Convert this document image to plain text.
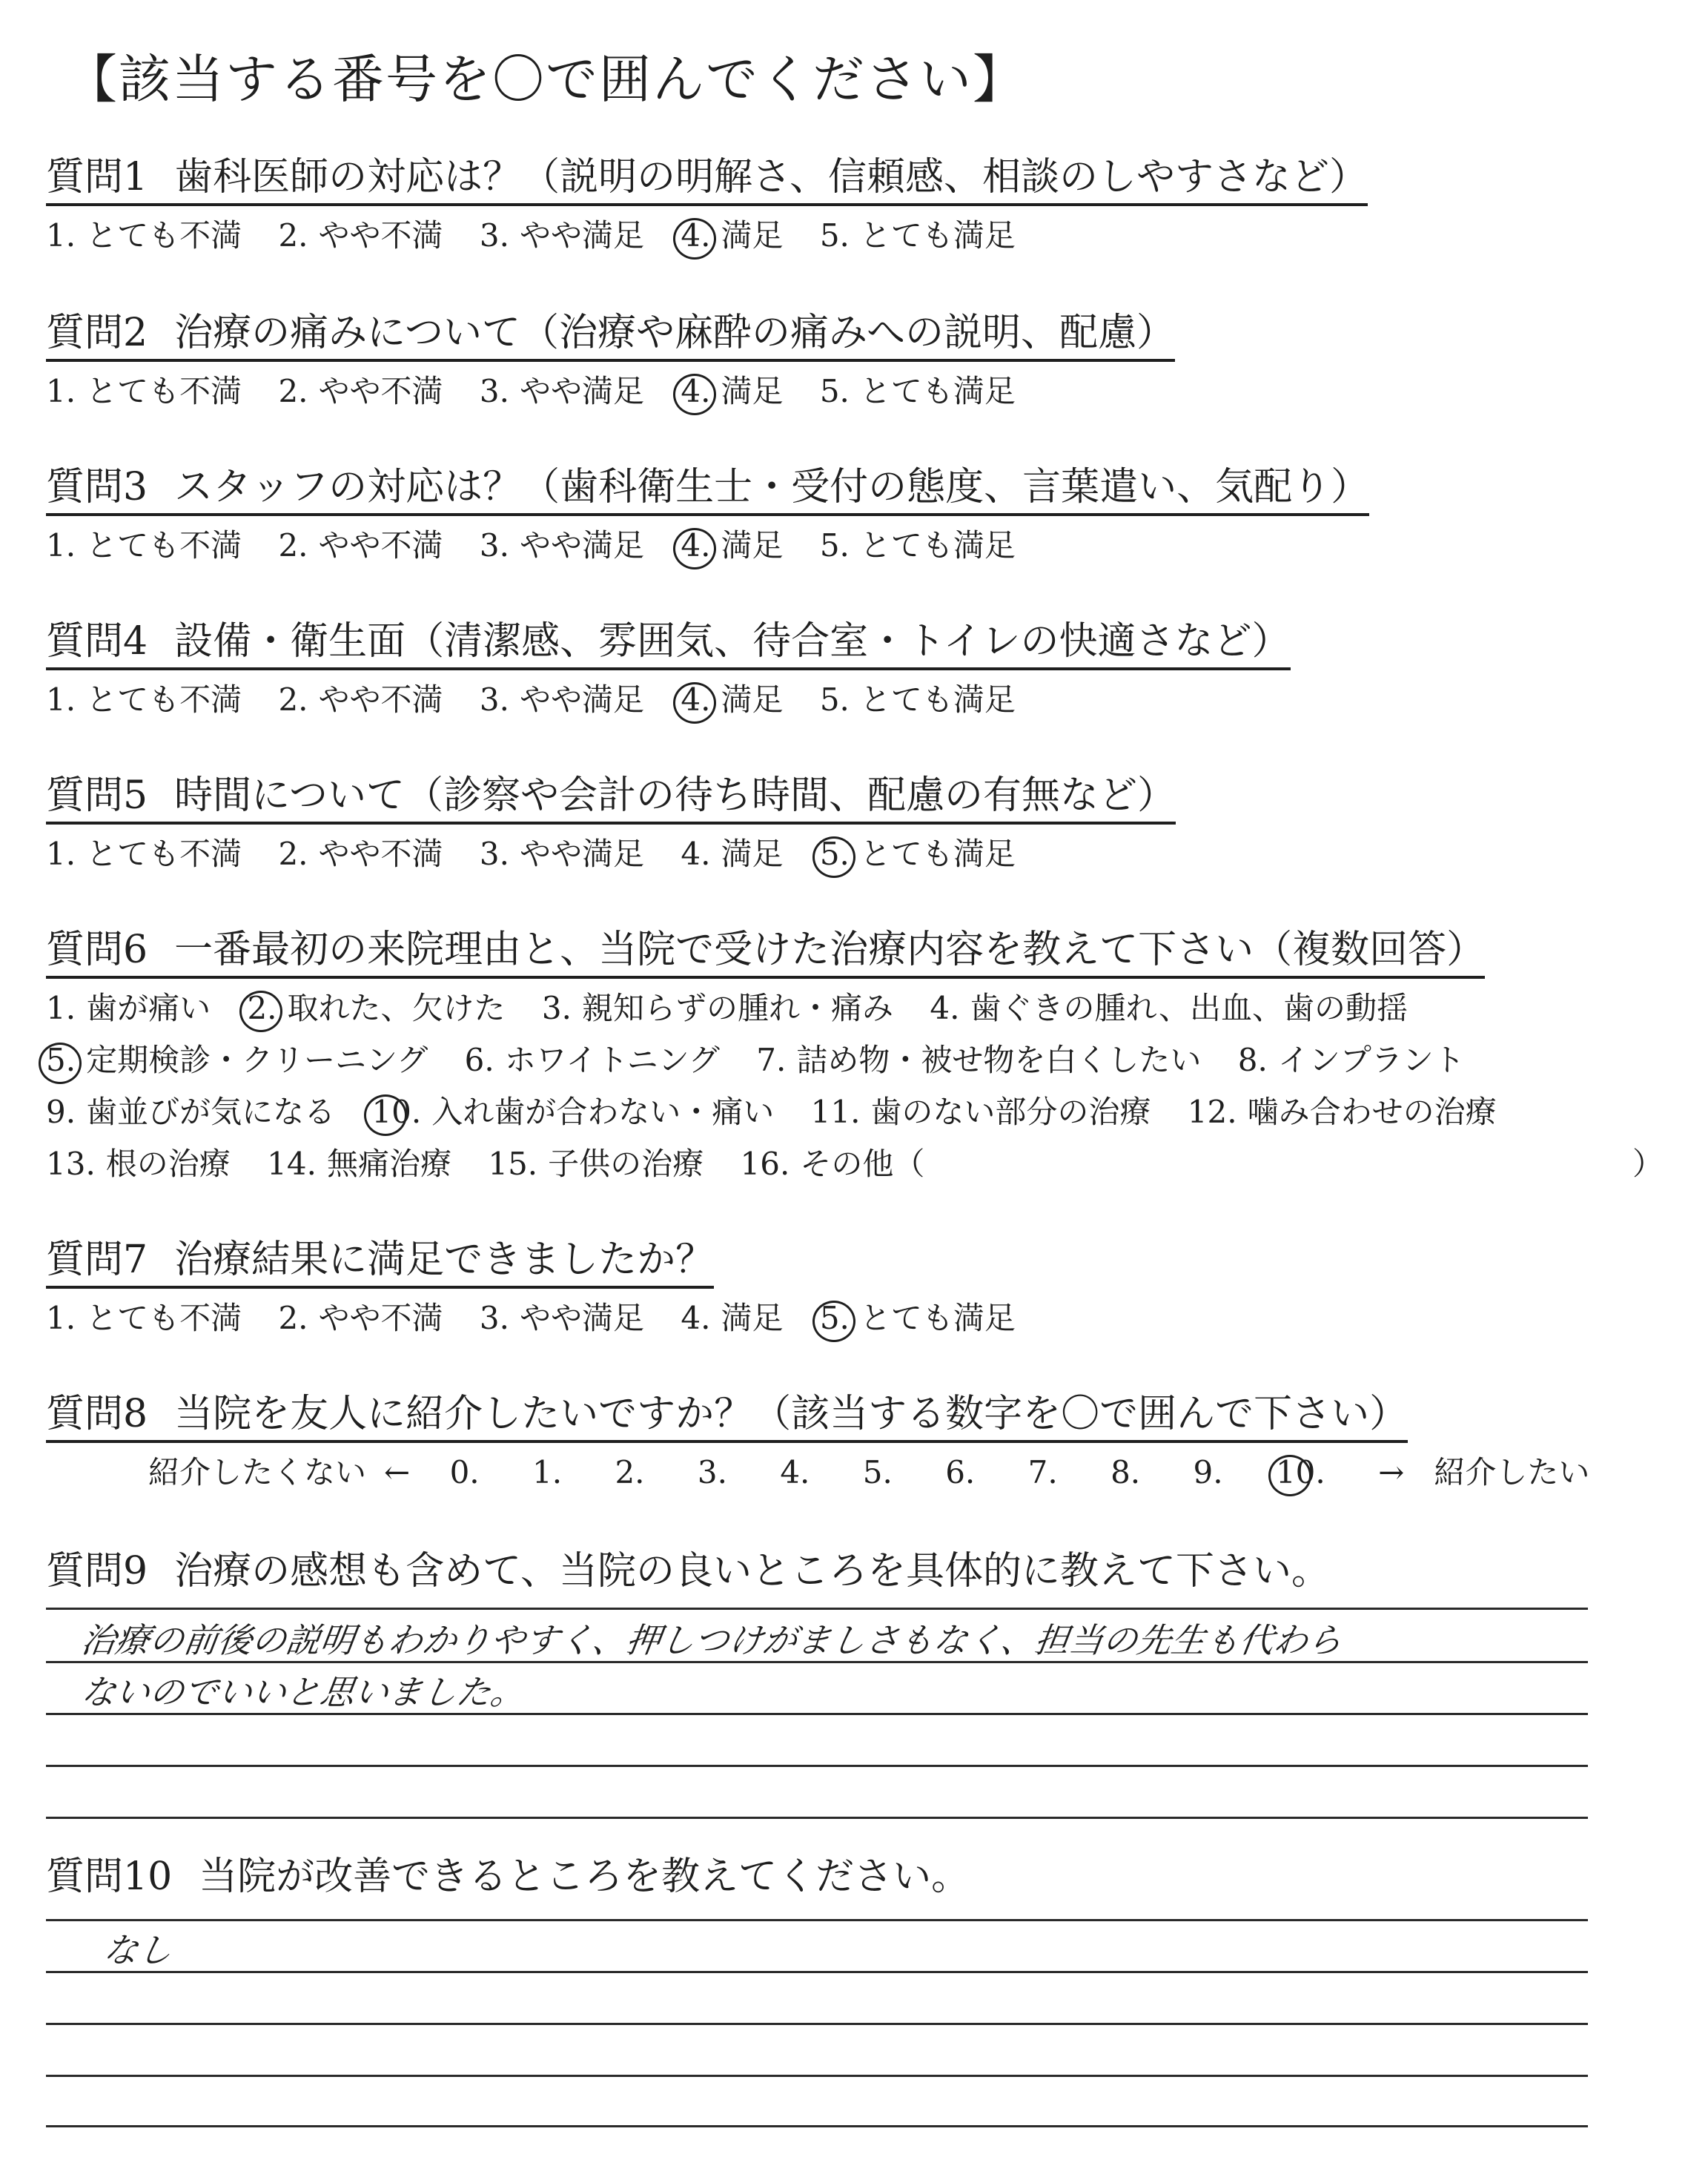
【該当する番号を〇で囲んでください】
質問1 歯科医師の対応は？（説明の明解さ、信頼感、相談のしやすさなど）
1. とても不満 2. やや不満 3. やや満足 4. 満足 5. とても満足
質問2 治療の痛みについて（治療や麻酔の痛みへの説明、配慮）
1. とても不満 2. やや不満 3. やや満足 4. 満足 5. とても満足
質問3 スタッフの対応は？（歯科衛生士・受付の態度、言葉遣い、気配り）
1. とても不満 2. やや不満 3. やや満足 4. 満足 5. とても満足
質問4 設備・衛生面（清潔感、雰囲気、待合室・トイレの快適さなど）
1. とても不満 2. やや不満 3. やや満足 4. 満足 5. とても満足
質問5 時間について（診察や会計の待ち時間、配慮の有無など）
1. とても不満 2. やや不満 3. やや満足 4. 満足 5. とても満足
質問6 一番最初の来院理由と、当院で受けた治療内容を教えて下さい（複数回答）
1. 歯が痛い 2. 取れた、欠けた 3. 親知らずの腫れ・痛み 4. 歯ぐきの腫れ、出血、歯の動揺
5. 定期検診・クリーニング 6. ホワイトニング 7. 詰め物・被せ物を白くしたい 8. インプラント
9. 歯並びが気になる 10. 入れ歯が合わない・痛い 11. 歯のない部分の治療 12. 噛み合わせの治療
13. 根の治療 14. 無痛治療 15. 子供の治療 16. その他（	）
質問7 治療結果に満足できましたか？
1. とても不満 2. やや不満 3. やや満足 4. 満足 5. とても満足
質問8 当院を友人に紹介したいですか？（該当する数字を〇で囲んで下さい）
紹介したくない ← 0. 1. 2. 3. 4. 5. 6. 7. 8. 9. 10. → 紹介したい
質問9 治療の感想も含めて、当院の良いところを具体的に教えて下さい。
治療の前後の説明もわかりやすく、押しつけがましさもなく、担当の先生も代わら
ないのでいいと思いました。
質問10 当院が改善できるところを教えてください。
なし
